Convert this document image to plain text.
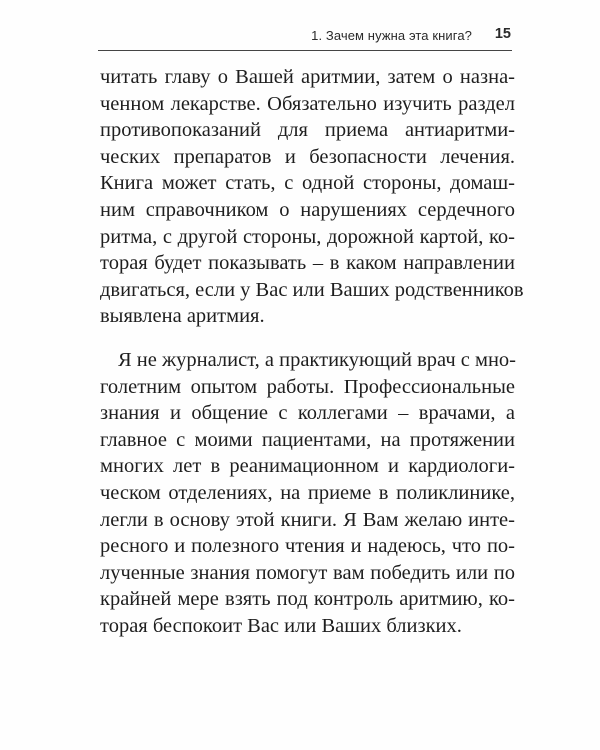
1. Зачем нужна эта книга? 15

читать главу о Вашей аритмии, затем о назна-
ченном лекарстве. Обязательно изучить раздел
противопоказаний для приема антиаритми-
ческих препаратов и безопасности лечения.
Книга может стать, с одной стороны, домаш-
ним справочником о нарушениях сердечного
ритма, с другой стороны, дорожной картой, ко-
торая будет показывать – в каком направлении
двигаться, если у Вас или Ваших родственников
выявлена аритмия.

Я не журналист, а практикующий врач с мно-
голетним опытом работы. Профессиональные
знания и общение с коллегами – врачами, а
главное с моими пациентами, на протяжении
многих лет в реанимационном и кардиологи-
ческом отделениях, на приеме в поликлинике,
легли в основу этой книги. Я Вам желаю инте-
ресного и полезного чтения и надеюсь, что по-
лученные знания помогут вам победить или по
крайней мере взять под контроль аритмию, ко-
торая беспокоит Вас или Ваших близких.
